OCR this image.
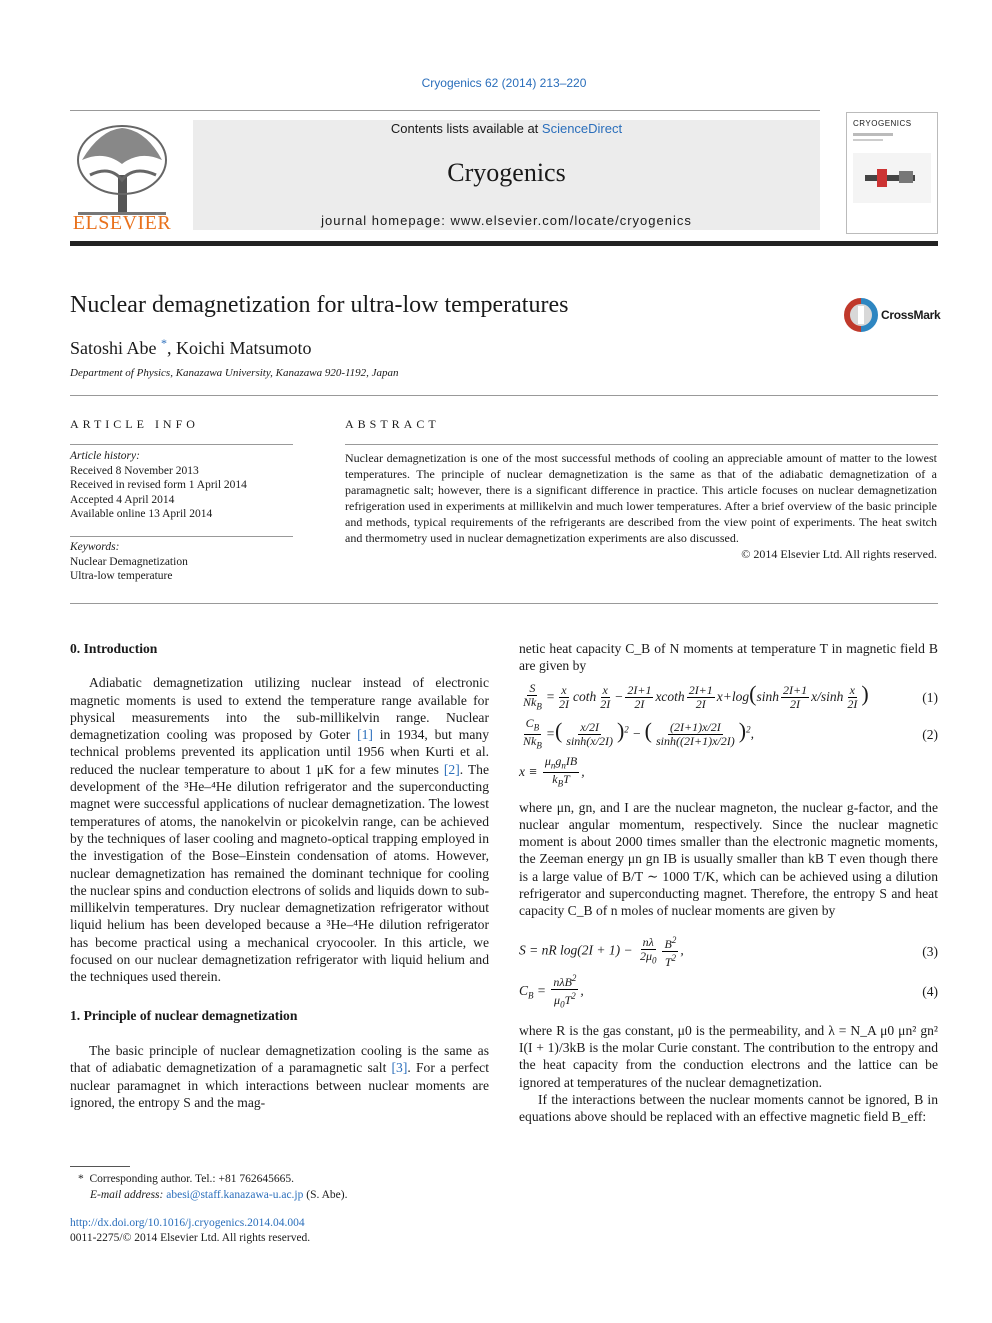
Cryogenics 62 (2014) 213–220
ELSEVIER
Contents lists available at ScienceDirect
Cryogenics
journal homepage: www.elsevier.com/locate/cryogenics
CRYOGENICS
Nuclear demagnetization for ultra-low temperatures	CrossMark
Satoshi Abe *, Koichi Matsumoto
Department of Physics, Kanazawa University, Kanazawa 920-1192, Japan
ARTICLE INFO	ABSTRACT
Article history:
Received 8 November 2013
Received in revised form 1 April 2014
Accepted 4 April 2014
Available online 13 April 2014
Keywords:
Nuclear Demagnetization
Ultra-low temperature
Nuclear demagnetization is one of the most successful methods of cooling an appreciable amount of matter to the lowest temperatures. The principle of nuclear demagnetization is the same as that of the adiabatic demagnetization of a paramagnetic salt; however, there is a significant difference in practice. This article focuses on nuclear demagnetization refrigeration used in experiments at millikelvin and much lower temperatures. After a brief overview of the basic principle and methods, typical requirements of the refrigerants are described from the view point of experiments. The heat switch and thermometry used in nuclear demagnetization experiments are also discussed.
© 2014 Elsevier Ltd. All rights reserved.
0. Introduction

Adiabatic demagnetization utilizing nuclear instead of electronic magnetic moments is used to extend the temperature range available for physical measurements into the sub-millikelvin range. Nuclear demagnetization cooling was proposed by Goter [1] in 1934, but many technical problems prevented its application until 1956 when Kurti et al. reduced the nuclear temperature to about 1 μK for a few minutes [2]. The development of the ³He–⁴He dilution refrigerator and the superconducting magnet were successful applications of nuclear demagnetization. The lowest temperatures of atoms, the nanokelvin or picokelvin range, can be achieved by the techniques of laser cooling and magneto-optical trapping employed in the investigation of the Bose–Einstein condensation of atoms. However, nuclear demagnetization has remained the dominant technique for cooling the nuclear spins and conduction electrons of solids and liquids down to sub-millikelvin temperatures. Dry nuclear demagnetization refrigerator without liquid helium has been developed because a ³He–⁴He dilution refrigerator has become practical using a mechanical cryocooler. In this article, we focused on our nuclear demagnetization refrigerator with liquid helium and the techniques used therein.

1. Principle of nuclear demagnetization

The basic principle of nuclear demagnetization cooling is the same as that of adiabatic demagnetization of a paramagnetic salt [3]. For a perfect nuclear paramagnet in which interactions between nuclear moments are ignored, the entropy S and the mag-

netic heat capacity C_B of N moments at temperature T in magnetic field B are given by

$\frac{S}{Nk_B} = \frac{x}{2I}$ coth $\frac{x}{2I} - \frac{2I+1}{2I}$ xcoth $\frac{2I+1}{2I} x+\log(\sinh \frac{2I+1}{2I} x/\sinh \frac{x}{2I}$ )	(1)
$\frac{C_B}{Nk_B}$ =( $\frac{x/2I}{\sinh(x/2I)} )^2$ − ( $\frac{(2I+1)x/2I}{\sinh((2I+1)x/2I)} )^2$,	(2)
$x \equiv \frac{\mu_ng_nIB}{k_BT}$ ,

where μn, gn, and I are the nuclear magneton, the nuclear g-factor, and the nuclear angular momentum, respectively. Since the nuclear magnetic moment is about 2000 times smaller than the electronic magnetic moments, the Zeeman energy μn gn IB is usually smaller than kB T even though there is a large value of B/T ∼ 1000 T/K, which can be achieved using a dilution refrigerator and superconducting magnet. Therefore, the entropy S and heat capacity C_B of n moles of nuclear moments are given by

S = nR $\log(2I + 1) - \frac{n\lambda}{2\mu_0} \frac{B^2}{T^2}$ ,	(3)
$C_B = \frac{n\lambda B^2}{\mu_0T^2}$ ,	(4)

where R is the gas constant, μ0 is the permeability, and λ = N_A μ0 μn² gn² I(I + 1)/3kB is the molar Curie constant. The contribution to the entropy and the heat capacity from the conduction electrons and the lattice can be ignored at temperatures of the nuclear demagnetization.

If the interactions between the nuclear moments cannot be ignored, B in equations above should be replaced with an effective magnetic field B_eff:

* Corresponding author. Tel.: +81 762645665.
E-mail address: abesi@staff.kanazawa-u.ac.jp (S. Abe).
http://dx.doi.org/10.1016/j.cryogenics.2014.04.004
0011-2275/© 2014 Elsevier Ltd. All rights reserved.
